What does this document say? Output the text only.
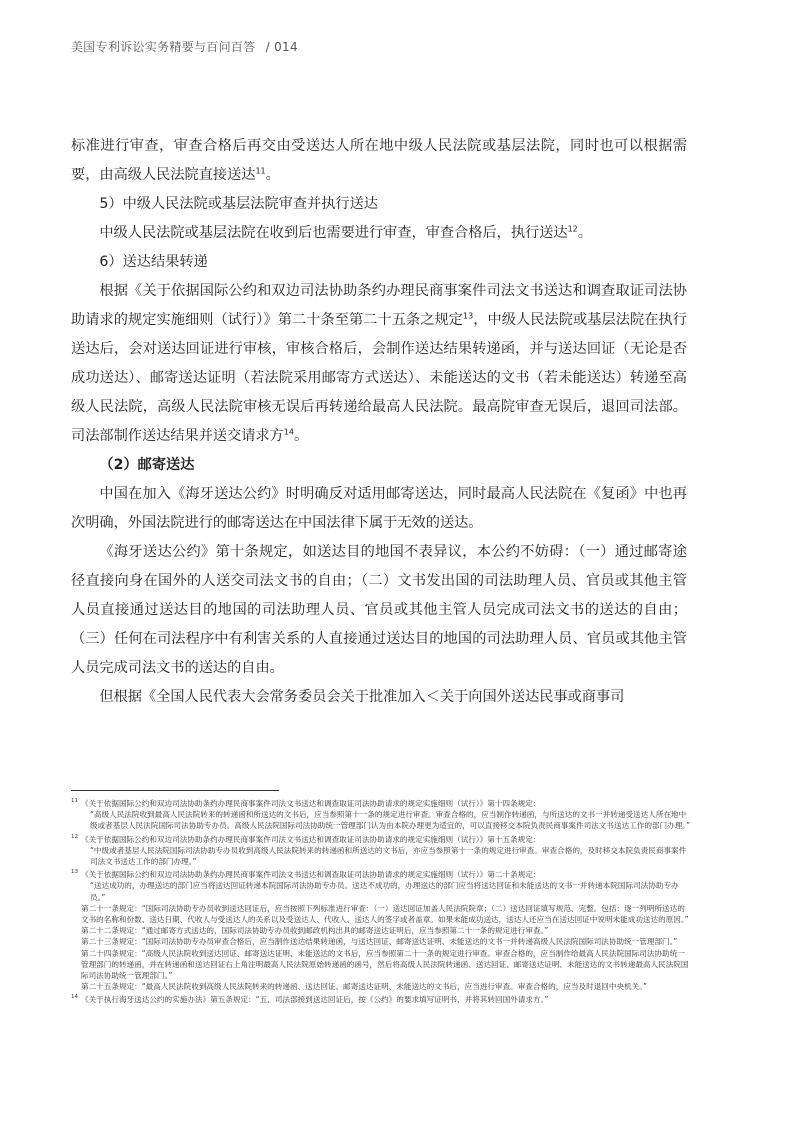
美国专利诉讼实务精要与百问百答 / 014

标准进行审查，审查合格后再交由受送达人所在地中级人民法院或基层法院，同时也可以根据需要，由高级人民法院直接送达$^{11}$。

5）中级人民法院或基层法院审查并执行送达

中级人民法院或基层法院在收到后也需要进行审查，审查合格后，执行送达$^{12}$。

6）送达结果转递

根据《关于依据国际公约和双边司法协助条约办理民商事案件司法文书送达和调查取证司法协助请求的规定实施细则（试行）》第二十条至第二十五条之规定$^{13}$，中级人民法院或基层法院在执行送达后，会对送达回证进行审核，审核合格后，会制作送达结果转递函，并与送达回证（无论是否成功送达）、邮寄送达证明（若法院采用邮寄方式送达）、未能送达的文书（若未能送达）转递至高级人民法院，高级人民法院审核无误后再转递给最高人民法院。最高院审查无误后，退回司法部。司法部制作送达结果并送交请求方$^{14}$。

（2）邮寄送达

中国在加入《海牙送达公约》时明确反对适用邮寄送达，同时最高人民法院在《复函》中也再次明确，外国法院进行的邮寄送达在中国法律下属于无效的送达。

《海牙送达公约》第十条规定，如送达目的地国不表异议，本公约不妨碍：（一）通过邮寄途径直接向身在国外的人送交司法文书的自由；（二）文书发出国的司法助理人员、官员或其他主管人员直接通过送达目的地国的司法助理人员、官员或其他主管人员完成司法文书的送达的自由；（三）任何在司法程序中有利害关系的人直接通过送达目的地国的司法助理人员、官员或其他主管人员完成司法文书的送达的自由。

但根据《全国人民代表大会常务委员会关于批准加入＜关于向国外送达民事或商事司

11 《关于依据国际公约和双边司法协助条约办理民商事案件司法文书送达和调查取证司法协助请求的规定实施细则（试行）》第十四条规定：
“高级人民法院收到最高人民法院转来的转递函和所送达的文书后，应当参照第十一条的规定进行审查。审查合格的，应当制作转递函，与所送达的文书一并转递受送达人所在地中级或者基层人民法院国际司法协助专办员。高级人民法院国际司法协助统一管理部门认为由本院办理更为适宜的，可以直接移交本院负责民商事案件司法文书送达工作的部门办理。”
12 《关于依据国际公约和双边司法协助条约办理民商事案件司法文书送达和调查取证司法协助请求的规定实施细则（试行）》第十五条规定：
“中级或者基层人民法院国际司法协助专办员收到高级人民法院转来的转递函和所送达的文书后，亦应当参照第十一条的规定进行审查。审查合格的，及时移交本院负责民商事案件司法文书送达工作的部门办理。”
13 《关于依据国际公约和双边司法协助条约办理民商事案件司法文书送达和调查取证司法协助请求的规定实施细则（试行）》第二十条规定：
“送达成功的，办理送达的部门应当将送达回证转递本院国际司法协助专办员。送达不成功的，办理送达的部门应当将送达回证和未能送达的文书一并转递本院国际司法协助专办员。”
第二十一条规定：“国际司法协助专办员收到送达回证后，应当按照下列标准进行审查：（一）送达回证加盖人民法院院章；（二）送达回证填写规范、完整。包括：逐一列明所送达的文书的名称和份数、送达日期、代收人与受送达人的关系以及受送达人、代收人、送达人的签字或者盖章。如果未能成功送达，送达人还应当在送达回证中说明未能成功送达的原因。”
第二十二条规定：“通过邮寄方式送达的，国际司法协助专办员收到邮政机构出具的邮寄送达证明后，应当参照第二十一条的规定进行审查。”
第二十三条规定：“国际司法协助专办员审查合格后，应当制作送达结果转递函，与送达回证、邮寄送达证明、未能送达的文书一并转递高级人民法院国际司法协助统一管理部门。”
第二十四条规定：“高级人民法院收到送达回证、邮寄送达证明、未能送达的文书后，应当参照第二十一条的规定进行审查。审查合格的，应当制作给最高人民法院国际司法协助统一管理部门的转递函，并在转递函和送达回证右上角注明最高人民法院原始转递函的函号，然后将高级人民法院转递函、送达回证、邮寄送达证明、未能送达的文书转递最高人民法院国际司法协助统一管理部门。”
第二十五条规定：“最高人民法院收到高级人民法院转来的转递函、送达回证、邮寄送达证明、未能送达的文书后，应当进行审查。审查合格的，应当及时退回中央机关。”
14 《关于执行海牙送达公约的实施办法》第五条规定：“五、司法部接到送达回证后，按《公约》的要求填写证明书、并将其转回国外请求方。”
